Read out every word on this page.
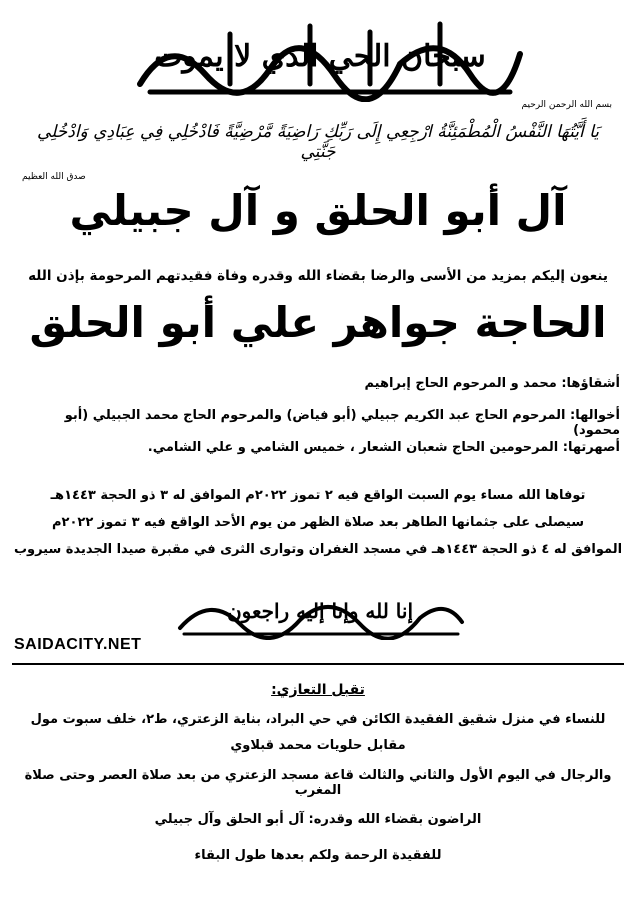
سبحان الحي الذي لا يموت
بسم الله الرحمن الرحيم
يَا أَيَّتُهَا النَّفْسُ الْمُطْمَئِنَّةُ ارْجِعِي إِلَى رَبِّكِ رَاضِيَةً مَّرْضِيَّةً فَادْخُلِي فِي عِبَادِي وَادْخُلِي جَنَّتِي
صدق الله العظيم
آل أبو الحلق و آل جبيلي
ينعون إليكم بمزيد من الأسى والرضا بقضاء الله وقدره وفاة فقيدتهم المرحومة بإذن الله
الحاجة جواهر علي أبو الحلق
أشقاؤها: محمد و المرحوم الحاج إبراهيم
أخوالها: المرحوم الحاج عبد الكريم جبيلي (أبو فياض) والمرحوم الحاج محمد الجبيلي (أبو محمود)
أصهرتها: المرحومين الحاج شعبان الشعار ، خميس الشامي و علي الشامي.
توفاها الله مساء يوم السبت الواقع فيه ٢ تموز ٢٠٢٢م الموافق له ٣ ذو الحجة ١٤٤٣هـ
سيصلى على جثمانها الطاهر بعد صلاة الظهر من يوم الأحد الواقع فيه ٣ تموز ٢٠٢٢م
الموافق له ٤ ذو الحجة ١٤٤٣هـ في مسجد الغفران وتوارى الثرى في مقبرة صيدا الجديدة سيروب
إنا لله وإنا إليه راجعون
SAIDACITY.NET
تقبل التعازي:
للنساء في منزل شقيق الفقيدة الكائن في حي البراد، بناية الزعتري، ط٢، خلف سبوت مول
مقابل حلويات محمد قبلاوي
والرجال في اليوم الأول والثاني والثالث قاعة مسجد الزعتري من بعد صلاة العصر وحتى صلاة المغرب
الراضون بقضاء الله وقدره: آل أبو الحلق وآل جبيلي
للفقيدة الرحمة ولكم بعدها طول البقاء
